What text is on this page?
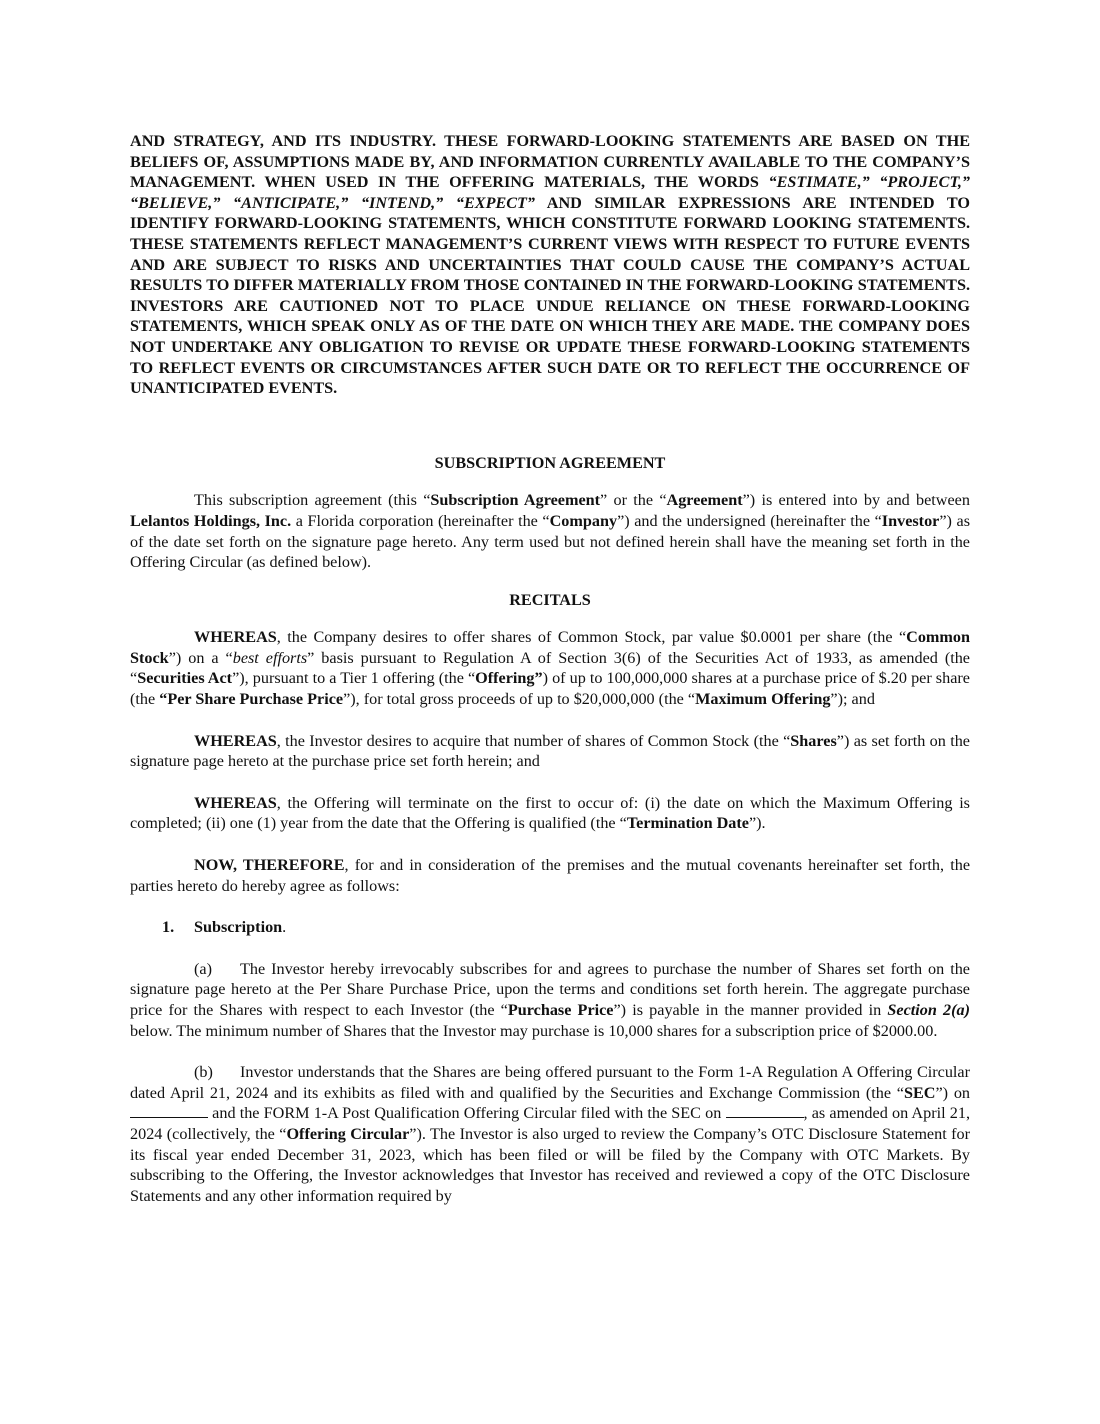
AND STRATEGY, AND ITS INDUSTRY. THESE FORWARD-LOOKING STATEMENTS ARE BASED ON THE BELIEFS OF, ASSUMPTIONS MADE BY, AND INFORMATION CURRENTLY AVAILABLE TO THE COMPANY’S MANAGEMENT. WHEN USED IN THE OFFERING MATERIALS, THE WORDS “ESTIMATE,” “PROJECT,” “BELIEVE,” “ANTICIPATE,” “INTEND,” “EXPECT” AND SIMILAR EXPRESSIONS ARE INTENDED TO IDENTIFY FORWARD-LOOKING STATEMENTS, WHICH CONSTITUTE FORWARD LOOKING STATEMENTS. THESE STATEMENTS REFLECT MANAGEMENT’S CURRENT VIEWS WITH RESPECT TO FUTURE EVENTS AND ARE SUBJECT TO RISKS AND UNCERTAINTIES THAT COULD CAUSE THE COMPANY’S ACTUAL RESULTS TO DIFFER MATERIALLY FROM THOSE CONTAINED IN THE FORWARD-LOOKING STATEMENTS. INVESTORS ARE CAUTIONED NOT TO PLACE UNDUE RELIANCE ON THESE FORWARD-LOOKING STATEMENTS, WHICH SPEAK ONLY AS OF THE DATE ON WHICH THEY ARE MADE. THE COMPANY DOES NOT UNDERTAKE ANY OBLIGATION TO REVISE OR UPDATE THESE FORWARD-LOOKING STATEMENTS TO REFLECT EVENTS OR CIRCUMSTANCES AFTER SUCH DATE OR TO REFLECT THE OCCURRENCE OF UNANTICIPATED EVENTS.

SUBSCRIPTION AGREEMENT

This subscription agreement (this “Subscription Agreement” or the “Agreement”) is entered into by and between Lelantos Holdings, Inc. a Florida corporation (hereinafter the “Company”) and the undersigned (hereinafter the “Investor”) as of the date set forth on the signature page hereto. Any term used but not defined herein shall have the meaning set forth in the Offering Circular (as defined below).

RECITALS

WHEREAS, the Company desires to offer shares of Common Stock, par value $0.0001 per share (the “Common Stock”) on a “best efforts” basis pursuant to Regulation A of Section 3(6) of the Securities Act of 1933, as amended (the “Securities Act”), pursuant to a Tier 1 offering (the “Offering”) of up to 100,000,000 shares at a purchase price of $.20 per share (the “Per Share Purchase Price”), for total gross proceeds of up to $20,000,000 (the “Maximum Offering”); and

WHEREAS, the Investor desires to acquire that number of shares of Common Stock (the “Shares”) as set forth on the signature page hereto at the purchase price set forth herein; and

WHEREAS, the Offering will terminate on the first to occur of: (i) the date on which the Maximum Offering is completed; (ii) one (1) year from the date that the Offering is qualified (the “Termination Date”).

NOW, THEREFORE, for and in consideration of the premises and the mutual covenants hereinafter set forth, the parties hereto do hereby agree as follows:

1. Subscription.

(a) The Investor hereby irrevocably subscribes for and agrees to purchase the number of Shares set forth on the signature page hereto at the Per Share Purchase Price, upon the terms and conditions set forth herein. The aggregate purchase price for the Shares with respect to each Investor (the “Purchase Price”) is payable in the manner provided in Section 2(a) below. The minimum number of Shares that the Investor may purchase is 10,000 shares for a subscription price of $2000.00.

(b) Investor understands that the Shares are being offered pursuant to the Form 1-A Regulation A Offering Circular dated April 21, 2024 and its exhibits as filed with and qualified by the Securities and Exchange Commission (the “SEC”) on  and the FORM 1-A Post Qualification Offering Circular filed with the SEC on	, as amended on April 21, 2024 (collectively, the “Offering Circular”). The Investor is also urged to review the Company’s OTC Disclosure Statement for its fiscal year ended December 31, 2023, which has been filed or will be filed by the Company with OTC Markets. By subscribing to the Offering, the Investor acknowledges that Investor has received and reviewed a copy of the OTC Disclosure Statements and any other information required by
